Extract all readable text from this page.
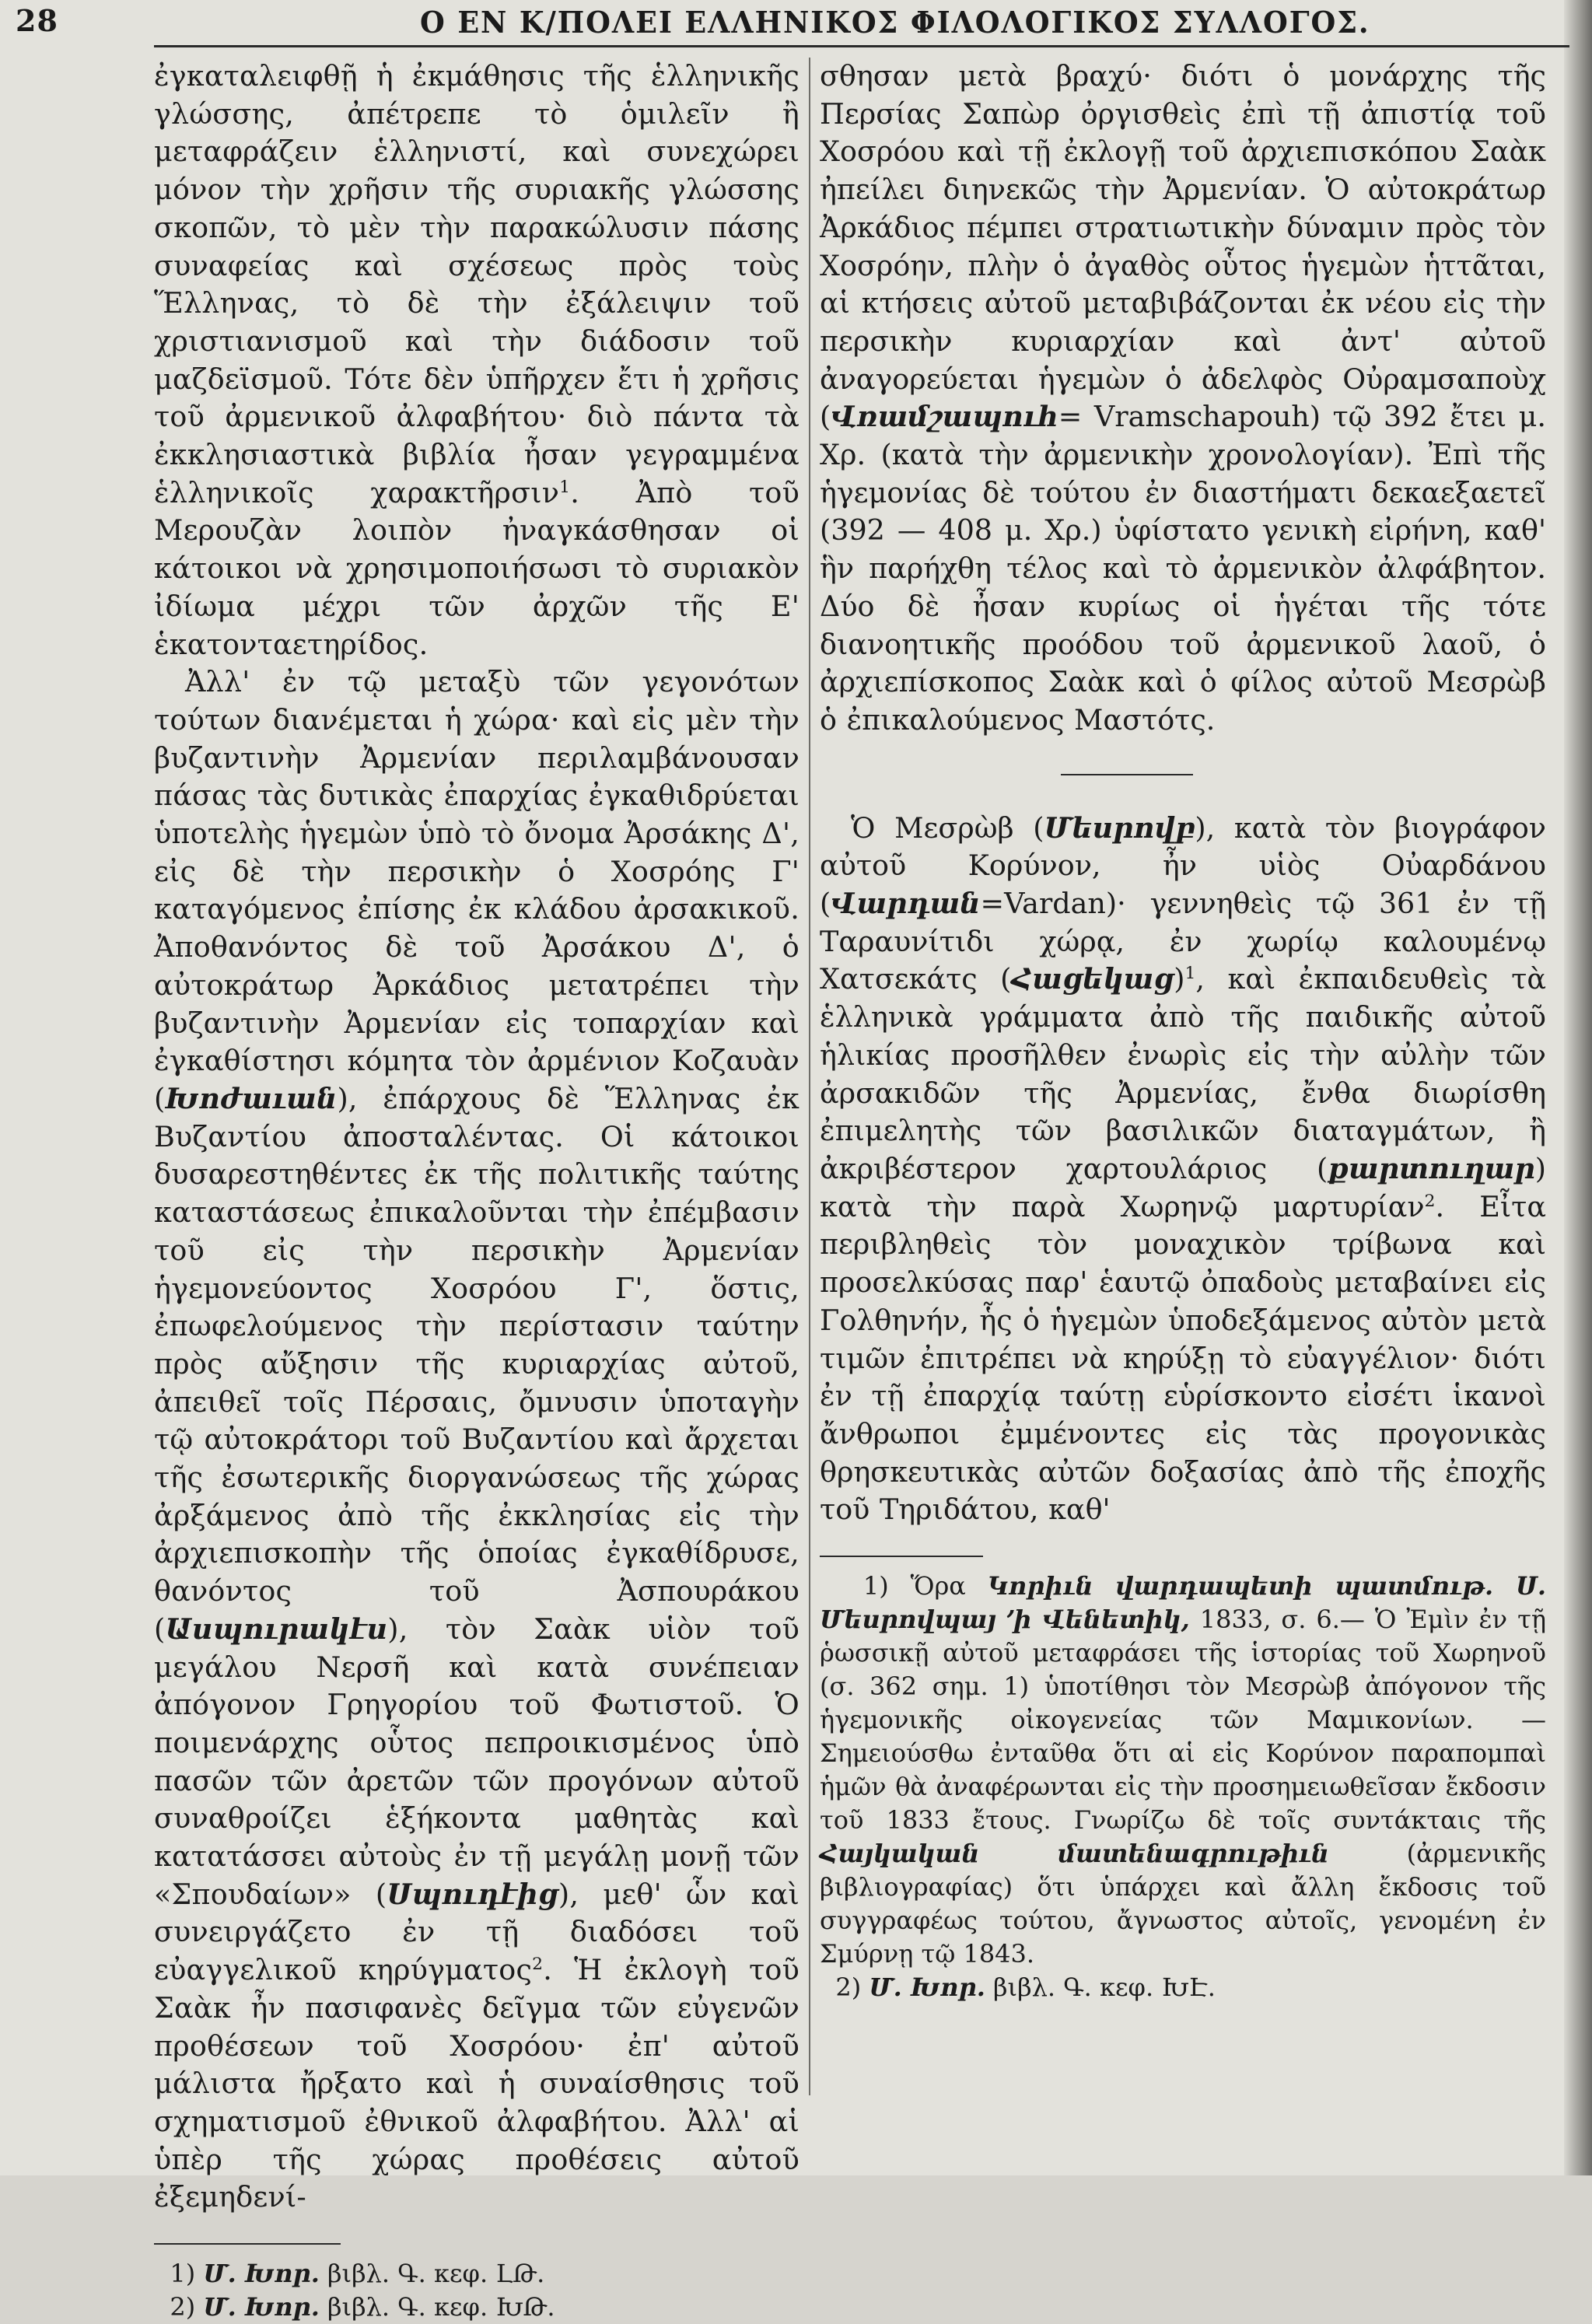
28	Ο ΕΝ Κ/ΠΟΛΕΙ ΕΛΛΗΝΙΚΟΣ ΦΙΛΟΛΟΓΙΚΟΣ ΣΥΛΛΟΓΟΣ.

ἐγκαταλειφθῇ ἡ ἐκμάθησις τῆς ἑλληνικῆς γλώσσης, ἀπέτρεπε τὸ ὁμιλεῖν ἢ μεταφράζειν ἑλληνιστί, καὶ συνεχώρει μόνον τὴν χρῆσιν τῆς συριακῆς γλώσσης σκοπῶν, τὸ μὲν τὴν παρακώλυσιν πάσης συναφείας καὶ σχέσεως πρὸς τοὺς Ἕλληνας, τὸ δὲ τὴν ἐξάλειψιν τοῦ χριστιανισμοῦ καὶ τὴν διάδοσιν τοῦ μαζδεϊσμοῦ. Τότε δὲν ὑπῆρχεν ἔτι ἡ χρῆσις τοῦ ἀρμενικοῦ ἀλφαβήτου· διὸ πάντα τὰ ἐκκλησιαστικὰ βιβλία ἦσαν γεγραμμένα ἑλληνικοῖς χαρακτῆρσιν$^1$. Ἀπὸ τοῦ Μερουζὰν λοιπὸν ἠναγκάσθησαν οἱ κάτοικοι νὰ χρησιμοποιήσωσι τὸ συριακὸν ἰδίωμα μέχρι τῶν ἀρχῶν τῆς Ε' ἑκατονταετηρίδος.

Ἀλλ' ἐν τῷ μεταξὺ τῶν γεγονότων τούτων διανέμεται ἡ χώρα· καὶ εἰς μὲν τὴν βυζαντινὴν Ἀρμενίαν περιλαμβάνουσαν πάσας τὰς δυτικὰς ἐπαρχίας ἐγκαθιδρύεται ὑποτελὴς ἡγεμὼν ὑπὸ τὸ ὄνομα Ἀρσάκης Δ', εἰς δὲ τὴν περσικὴν ὁ Χοσρόης Γ' καταγόμενος ἐπίσης ἐκ κλάδου ἀρσακικοῦ. Ἀποθανόντος δὲ τοῦ Ἀρσάκου Δ', ὁ αὐτοκράτωρ Ἀρκάδιος μετατρέπει τὴν βυζαντινὴν Ἀρμενίαν εἰς τοπαρχίαν καὶ ἐγκαθίστησι κόμητα τὸν ἀρμένιον Κοζαυὰν (Խոժաւան), ἐπάρχους δὲ Ἕλληνας ἐκ Βυζαντίου ἀποσταλέντας. Οἱ κάτοικοι δυσαρεστηθέντες ἐκ τῆς πολιτικῆς ταύτης καταστάσεως ἐπικαλοῦνται τὴν ἐπέμβασιν τοῦ εἰς τὴν περσικὴν Ἀρμενίαν ἡγεμονεύοντος Χοσρόου Γ', ὅστις, ἐπωφελούμενος τὴν περίστασιν ταύτην πρὸς αὔξησιν τῆς κυριαρχίας αὐτοῦ, ἀπειθεῖ τοῖς Πέρσαις, ὄμνυσιν ὑποταγὴν τῷ αὐτοκράτορι τοῦ Βυζαντίου καὶ ἄρχεται τῆς ἐσωτερικῆς διοργανώσεως τῆς χώρας ἀρξάμενος ἀπὸ τῆς ἐκκλησίας εἰς τὴν ἀρχιεπισκοπὴν τῆς ὁποίας ἐγκαθίδρυσε, θανόντος τοῦ Ἀσπουράκου (Ասպուրակէս), τὸν Σαὰκ υἱὸν τοῦ μεγάλου Νερσῆ καὶ κατὰ συνέπειαν ἀπόγονον Γρηγορίου τοῦ Φωτιστοῦ. Ὁ ποιμενάρχης οὗτος πεπροικισμένος ὑπὸ πασῶν τῶν ἀρετῶν τῶν προγόνων αὐτοῦ συναθροίζει ἑξήκοντα μαθητὰς καὶ κατατάσσει αὐτοὺς ἐν τῇ μεγάλῃ μονῇ τῶν «Σπουδαίων» (Սպուդէից), μεθ' ὧν καὶ συνειργάζετο ἐν τῇ διαδόσει τοῦ εὐαγγελικοῦ κηρύγματος$^2$. Ἡ ἐκλογὴ τοῦ Σαὰκ ἦν πασιφανὲς δεῖγμα τῶν εὐγενῶν προθέσεων τοῦ Χοσρόου· ἐπ' αὐτοῦ μάλιστα ἤρξατο καὶ ἡ συναίσθησις τοῦ σχηματισμοῦ ἐθνικοῦ ἀλφαβήτου. Ἀλλ' αἱ ὑπὲρ τῆς χώρας προθέσεις αὐτοῦ ἐξεμηδενί-

1) Մ. Խոր. βιβλ. Գ. κεφ. ԼԹ.
2) Մ. Խոր. βιβλ. Գ. κεφ. ԽԹ.

σθησαν μετὰ βραχύ· διότι ὁ μονάρχης τῆς Περσίας Σαπὼρ ὀργισθεὶς ἐπὶ τῇ ἀπιστίᾳ τοῦ Χοσρόου καὶ τῇ ἐκλογῇ τοῦ ἀρχιεπισκόπου Σαὰκ ἠπείλει διηνεκῶς τὴν Ἀρμενίαν. Ὁ αὐτοκράτωρ Ἀρκάδιος πέμπει στρατιωτικὴν δύναμιν πρὸς τὸν Χοσρόην, πλὴν ὁ ἀγαθὸς οὗτος ἡγεμὼν ἡττᾶται, αἱ κτήσεις αὐτοῦ μεταβιβάζονται ἐκ νέου εἰς τὴν περσικὴν κυριαρχίαν καὶ ἀντ' αὐτοῦ ἀναγορεύεται ἡγεμὼν ὁ ἀδελφὸς Οὐραμσαποὺχ (Վռամշապուհ= Vramschapouh) τῷ 392 ἔτει μ. Χρ. (κατὰ τὴν ἀρμενικὴν χρονολογίαν). Ἐπὶ τῆς ἡγεμονίας δὲ τούτου ἐν διαστήματι δεκαεξαετεῖ (392 — 408 μ. Χρ.) ὑφίστατο γενικὴ εἰρήνη, καθ' ἣν παρήχθη τέλος καὶ τὸ ἀρμενικὸν ἀλφάβητον. Δύο δὲ ἦσαν κυρίως οἱ ἡγέται τῆς τότε διανοητικῆς προόδου τοῦ ἀρμενικοῦ λαοῦ, ὁ ἀρχιεπίσκοπος Σαὰκ καὶ ὁ φίλος αὐτοῦ Μεσρὼβ ὁ ἐπικαλούμενος Μαστότς.

Ὁ Μεσρὼβ (Մեսրովբ), κατὰ τὸν βιογράφον αὐτοῦ Κορύνον, ἦν υἱὸς Οὐαρδάνου (Վարդան=Vardan)· γεννηθεὶς τῷ 361 ἐν τῇ Ταραυνίτιδι χώρᾳ, ἐν χωρίῳ καλουμένῳ Χατσεκάτς (Հացեկաց)$^1$, καὶ ἐκπαιδευθεὶς τὰ ἑλληνικὰ γράμματα ἀπὸ τῆς παιδικῆς αὐτοῦ ἡλικίας προσῆλθεν ἐνωρὶς εἰς τὴν αὐλὴν τῶν ἀρσακιδῶν τῆς Ἀρμενίας, ἔνθα διωρίσθη ἐπιμελητὴς τῶν βασιλικῶν διαταγμάτων, ἢ ἀκριβέστερον χαρτουλάριος (քարտուղար) κατὰ τὴν παρὰ Χωρηνῷ μαρτυρίαν$^2$. Εἶτα περιβληθεὶς τὸν μοναχικὸν τρίβωνα καὶ προσελκύσας παρ' ἑαυτῷ ὀπαδοὺς μεταβαίνει εἰς Γολθηνήν, ἧς ὁ ἡγεμὼν ὑποδεξάμενος αὐτὸν μετὰ τιμῶν ἐπιτρέπει νὰ κηρύξῃ τὸ εὐαγγέλιον· διότι ἐν τῇ ἐπαρχίᾳ ταύτῃ εὑρίσκοντο εἰσέτι ἱκανοὶ ἄνθρωποι ἐμμένοντες εἰς τὰς προγονικὰς θρησκευτικὰς αὐτῶν δοξασίας ἀπὸ τῆς ἐποχῆς τοῦ Τηριδάτου, καθ'

1) Ὅρα Կորիւն վարդապետի պատմութ. Ս. Մեսրովպայ ՚ի Վենետիկ, 1833, σ. 6.— Ὁ Ἐμὶν ἐν τῇ ῥωσσικῇ αὐτοῦ μεταφράσει τῆς ἱστορίας τοῦ Χωρηνοῦ (σ. 362 σημ. 1) ὑποτίθησι τὸν Μεσρὼβ ἀπόγονον τῆς ἡγεμονικῆς οἰκογενείας τῶν Μαμικονίων. — Σημειούσθω ἐνταῦθα ὅτι αἱ εἰς Κορύνον παραπομπαὶ ἡμῶν θὰ ἀναφέρωνται εἰς τὴν προσημειωθεῖσαν ἔκδοσιν τοῦ 1833 ἔτους. Γνωρίζω δὲ τοῖς συντάκταις τῆς Հայկական մատենագրութիւն (ἀρμενικῆς βιβλιογραφίας) ὅτι ὑπάρχει καὶ ἄλλη ἔκδοσις τοῦ συγγραφέως τούτου, ἄγνωστος αὐτοῖς, γενομένη ἐν Σμύρνῃ τῷ 1843.
2) Մ. Խոր. βιβλ. Գ. κεφ. ԽԷ.
